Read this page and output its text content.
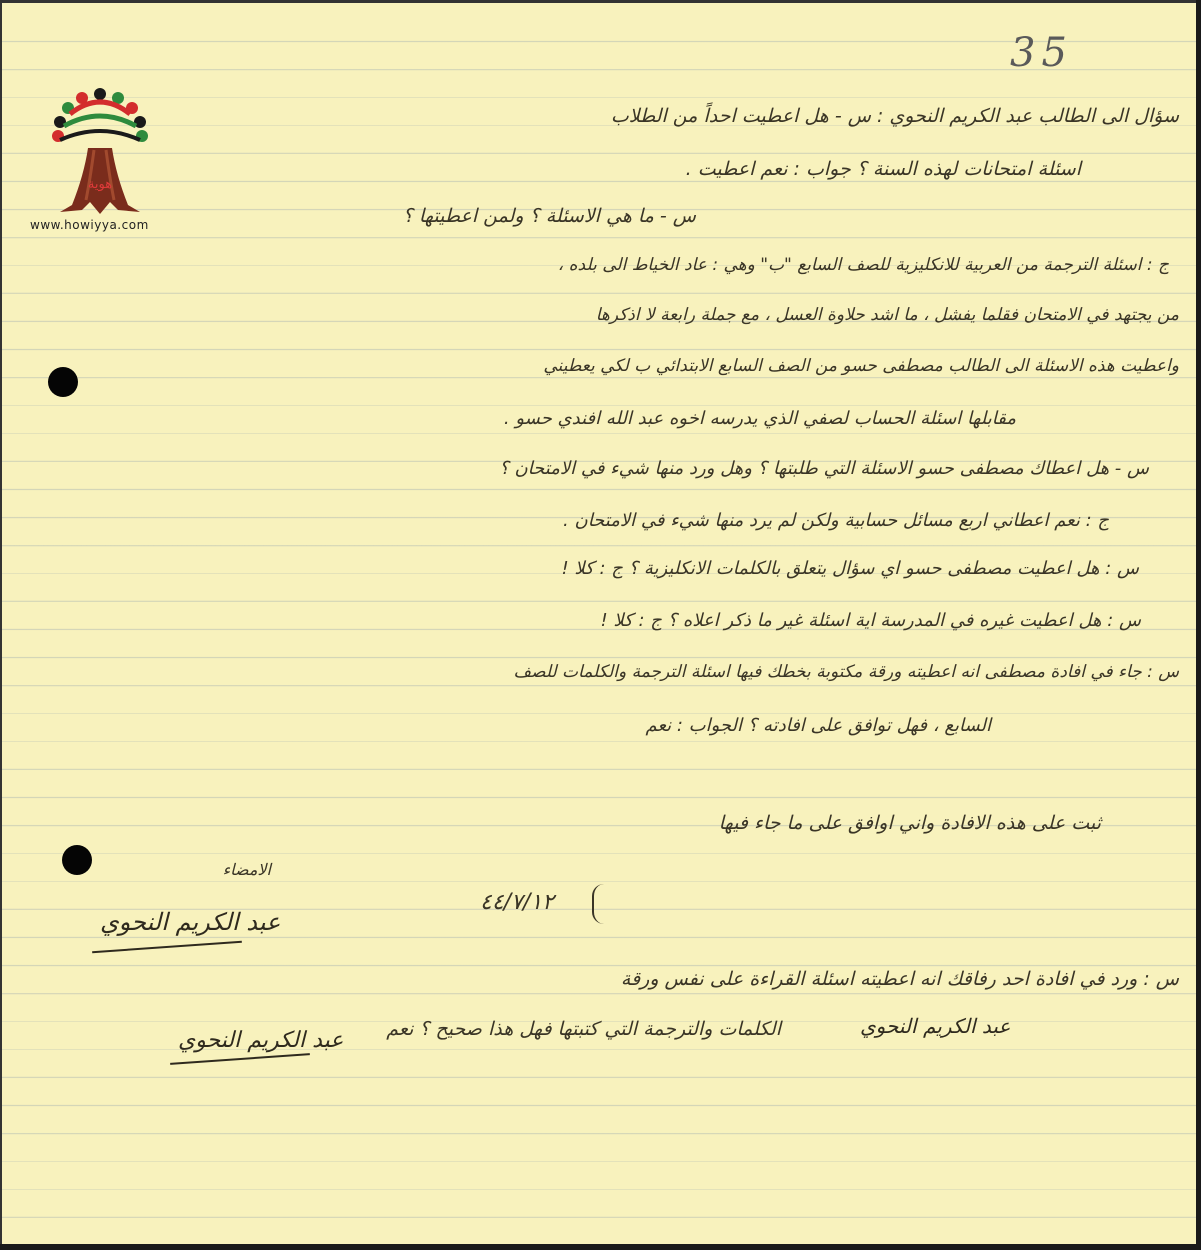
35
هوية
www.howiyya.com
سؤال الى الطالب عبد الكريم النحوي : س - هل اعطيت احداً من الطلاب
اسئلة امتحانات لهذه السنة ؟ جواب : نعم اعطيت .
س - ما هي الاسئلة ؟ ولمن اعطيتها ؟
ج : اسئلة الترجمة من العربية للانكليزية للصف السابع "ب" وهي : عاد الخياط الى بلده ،
من يجتهد في الامتحان فقلما يفشل ، ما اشد حلاوة العسل ، مع جملة رابعة لا اذكرها
واعطيت هذه الاسئلة الى الطالب مصطفى حسو من الصف السابع الابتدائي ب لكي يعطيني
مقابلها اسئلة الحساب لصفي الذي يدرسه اخوه عبد الله افندي حسو .
س - هل اعطاك مصطفى حسو الاسئلة التي طلبتها ؟ وهل ورد منها شيء في الامتحان ؟
ج : نعم اعطاني اربع مسائل حسابية ولكن لم يرد منها شيء في الامتحان .
س : هل اعطيت مصطفى حسو اي سؤال يتعلق بالكلمات الانكليزية ؟ ج : كلا !
س : هل اعطيت غيره في المدرسة اية اسئلة غير ما ذكر اعلاه ؟ ج : كلا !
س : جاء في افادة مصطفى انه اعطيته ورقة مكتوبة بخطك فيها اسئلة الترجمة والكلمات للصف
السابع ، فهل توافق على افادته ؟ الجواب : نعم
ثبت على هذه الافادة واني اوافق على ما جاء فيها
الامضاء
٤٤/٧/١٢
عبد الكريم النحوي
س : ورد في افادة احد رفاقك انه اعطيته اسئلة القراءة على نفس ورقة
الكلمات والترجمة التي كتبتها فهل هذا صحيح ؟ نعم	عبد الكريم النحوي
عبد الكريم النحوي
